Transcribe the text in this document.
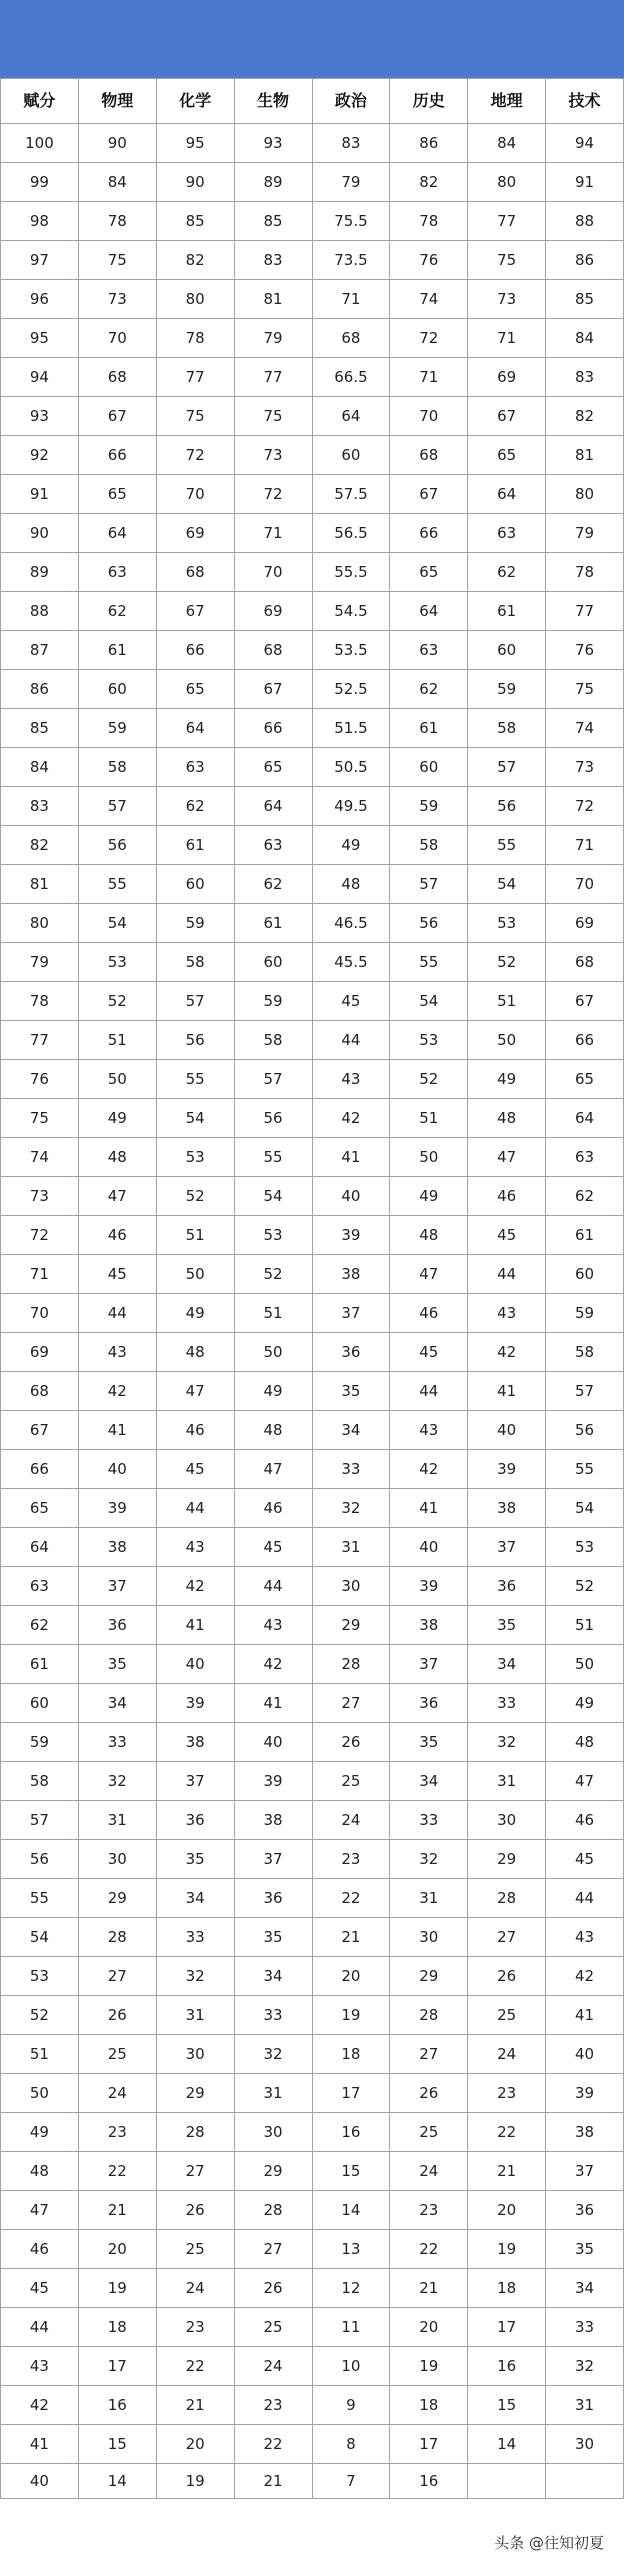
赋分	物理	化学	生物	政治	历史	地理	技术
100	90	95	93	83	86	84	94
99	84	90	89	79	82	80	91
98	78	85	85	75.5	78	77	88
97	75	82	83	73.5	76	75	86
96	73	80	81	71	74	73	85
95	70	78	79	68	72	71	84
94	68	77	77	66.5	71	69	83
93	67	75	75	64	70	67	82
92	66	72	73	60	68	65	81
91	65	70	72	57.5	67	64	80
90	64	69	71	56.5	66	63	79
89	63	68	70	55.5	65	62	78
88	62	67	69	54.5	64	61	77
87	61	66	68	53.5	63	60	76
86	60	65	67	52.5	62	59	75
85	59	64	66	51.5	61	58	74
84	58	63	65	50.5	60	57	73
83	57	62	64	49.5	59	56	72
82	56	61	63	49	58	55	71
81	55	60	62	48	57	54	70
80	54	59	61	46.5	56	53	69
79	53	58	60	45.5	55	52	68
78	52	57	59	45	54	51	67
77	51	56	58	44	53	50	66
76	50	55	57	43	52	49	65
75	49	54	56	42	51	48	64
74	48	53	55	41	50	47	63
73	47	52	54	40	49	46	62
72	46	51	53	39	48	45	61
71	45	50	52	38	47	44	60
70	44	49	51	37	46	43	59
69	43	48	50	36	45	42	58
68	42	47	49	35	44	41	57
67	41	46	48	34	43	40	56
66	40	45	47	33	42	39	55
65	39	44	46	32	41	38	54
64	38	43	45	31	40	37	53
63	37	42	44	30	39	36	52
62	36	41	43	29	38	35	51
61	35	40	42	28	37	34	50
60	34	39	41	27	36	33	49
59	33	38	40	26	35	32	48
58	32	37	39	25	34	31	47
57	31	36	38	24	33	30	46
56	30	35	37	23	32	29	45
55	29	34	36	22	31	28	44
54	28	33	35	21	30	27	43
53	27	32	34	20	29	26	42
52	26	31	33	19	28	25	41
51	25	30	32	18	27	24	40
50	24	29	31	17	26	23	39
49	23	28	30	16	25	22	38
48	22	27	29	15	24	21	37
47	21	26	28	14	23	20	36
46	20	25	27	13	22	19	35
45	19	24	26	12	21	18	34
44	18	23	25	11	20	17	33
43	17	22	24	10	19	16	32
42	16	21	23	9	18	15	31
41	15	20	22	8	17	14	30
40	14	19	21	7	16		
头条 @往知初夏
